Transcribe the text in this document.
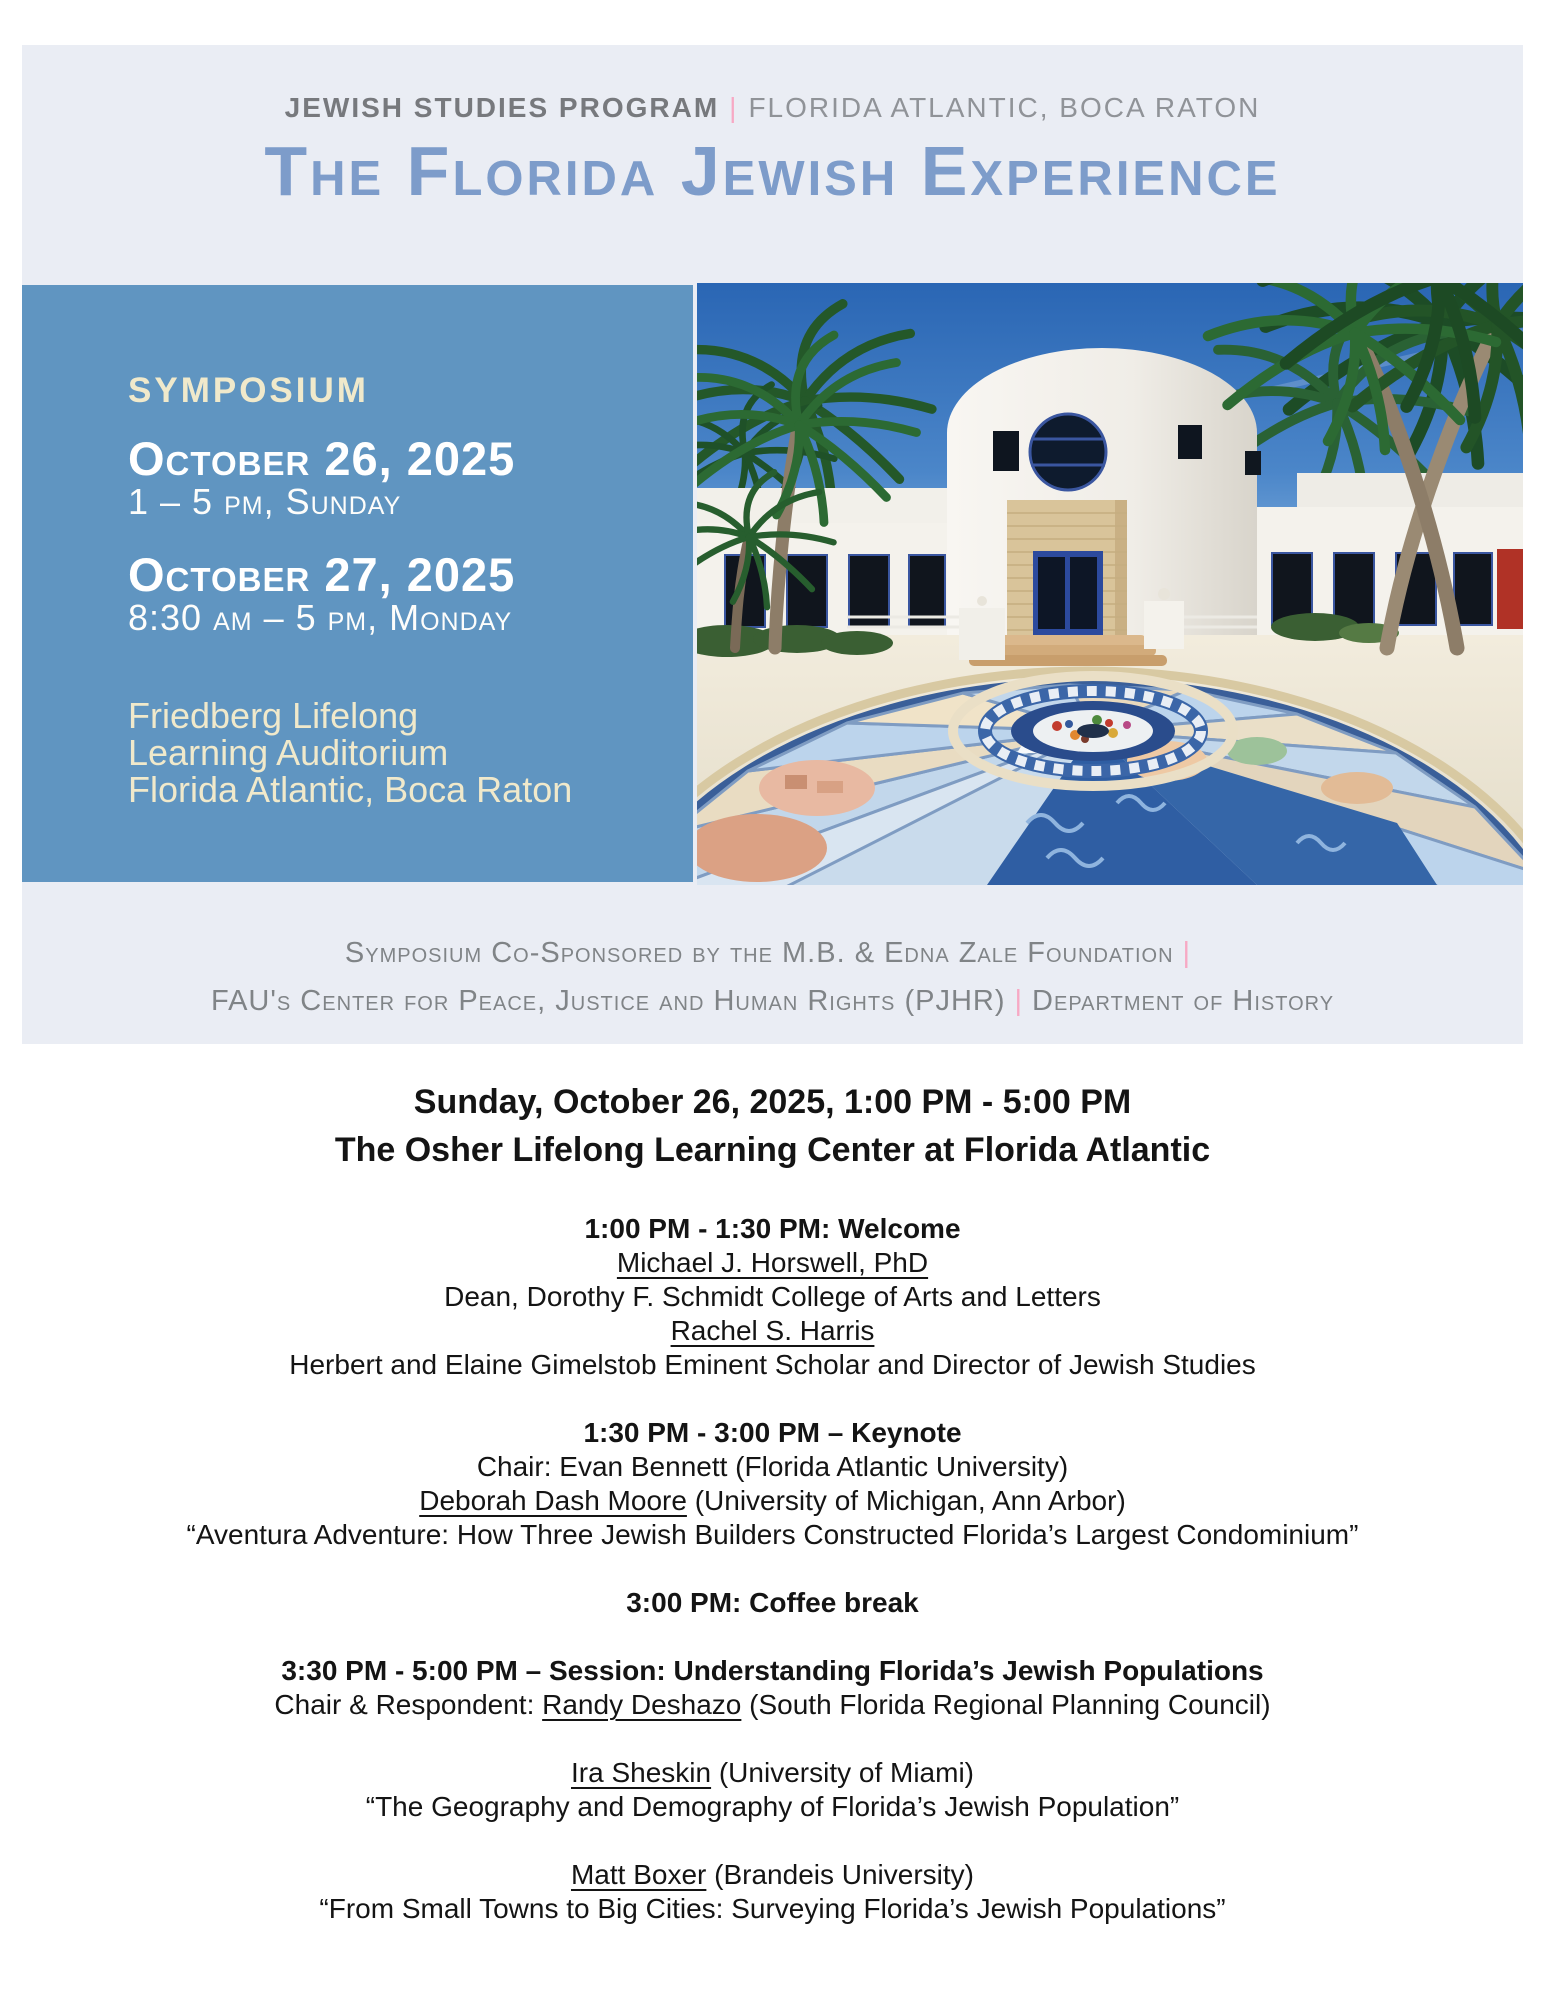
JEWISH STUDIES PROGRAM | FLORIDA ATLANTIC, BOCA RATON
The Florida Jewish Experience
SYMPOSIUM
October 26, 2025
1 – 5 pm, Sunday
October 27, 2025
8:30 am – 5 pm, Monday
Friedberg Lifelong
Learning Auditorium
Florida Atlantic, Boca Raton
Symposium Co-Sponsored by the M.B. & Edna Zale Foundation |
FAU's Center for Peace, Justice and Human Rights (PJHR) | Department of History
Sunday, October 26, 2025, 1:00 PM - 5:00 PM
The Osher Lifelong Learning Center at Florida Atlantic

1:00 PM - 1:30 PM: Welcome

Michael J. Horswell, PhD

Dean, Dorothy F. Schmidt College of Arts and Letters

Rachel S. Harris

Herbert and Elaine Gimelstob Eminent Scholar and Director of Jewish Studies

1:30 PM - 3:00 PM – Keynote

Chair: Evan Bennett (Florida Atlantic University)

Deborah Dash Moore (University of Michigan, Ann Arbor)

“Aventura Adventure: How Three Jewish Builders Constructed Florida’s Largest Condominium”

3:00 PM: Coffee break

3:30 PM - 5:00 PM – Session: Understanding Florida’s Jewish Populations

Chair & Respondent: Randy Deshazo (South Florida Regional Planning Council)

Ira Sheskin (University of Miami)

“The Geography and Demography of Florida’s Jewish Population”

Matt Boxer (Brandeis University)

“From Small Towns to Big Cities: Surveying Florida’s Jewish Populations”
